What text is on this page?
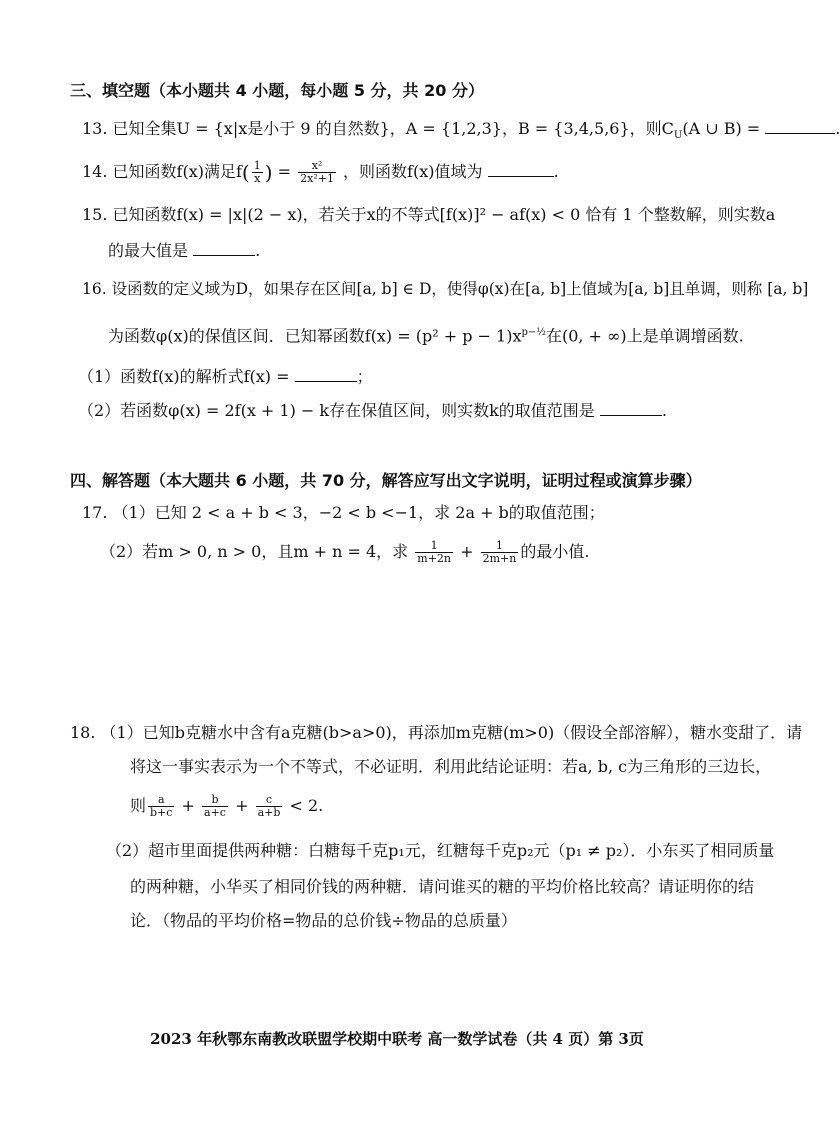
三、填空题（本小题共 4 小题，每小题 5 分，共 20 分）
13. 已知全集U = {x|x是小于 9 的自然数}，A = {1,2,3}，B = {3,4,5,6}，则$C_U(A$ ∪ B) =	.
14. 已知函数f(x)满足$f( \frac{1}{x}$ ) = $\frac{\text{x²}}{\text{2x²+1}}$ ，则函数f(x)值域为	.
15. 已知函数f(x) = |x|(2 − x)，若关于x的不等式[f(x)]² − af(x) < 0 恰有 1 个整数解，则实数a
的最大值是	.
16. 设函数的定义域为D，如果存在区间[a, b] ∈ D，使得φ(x)在[a, b]上值域为[a, b]且单调，则称 [a, b]
为函数φ(x)的保值区间．已知幂函数$f(x) = (p^2 + p - 1)x^{p-\frac{1}{2}}$在(0, + ∞)上是单调增函数.
（1）函数f(x)的解析式f(x) =	；
（2）若函数φ(x) = 2f(x + 1) − k存在保值区间，则实数k的取值范围是	.
四、解答题（本大题共 6 小题，共 70 分，解答应写出文字说明，证明过程或演算步骤）
17. （1）已知 2 < a + b < 3，−2 < b <−1，求 2a + b的取值范围；
（2）若m > 0, n > 0，且m + n = 4，求 $\frac{1}{m+2n} + \frac{1}{2m+n}$ 的最小值.
18. （1）已知b克糖水中含有a克糖(b>a>0)，再添加m克糖(m>0)（假设全部溶解），糖水变甜了．请
将这一事实表示为一个不等式，不必证明．利用此结论证明：若a, b, c为三角形的三边长，
则 $\frac{a}{b+c} + \frac{b}{a+c} + \frac{c}{a+b} < 2$.
（2）超市里面提供两种糖：白糖每千克p₁元，红糖每千克p₂元（p₁ ≠ p₂）．小东买了相同质量
的两种糖，小华买了相同价钱的两种糖．请问谁买的糖的平均价格比较高？请证明你的结
论．（物品的平均价格=物品的总价钱÷物品的总质量）
2023 年秋鄂东南教改联盟学校期中联考 高一数学试卷（共 4 页）第 3页
